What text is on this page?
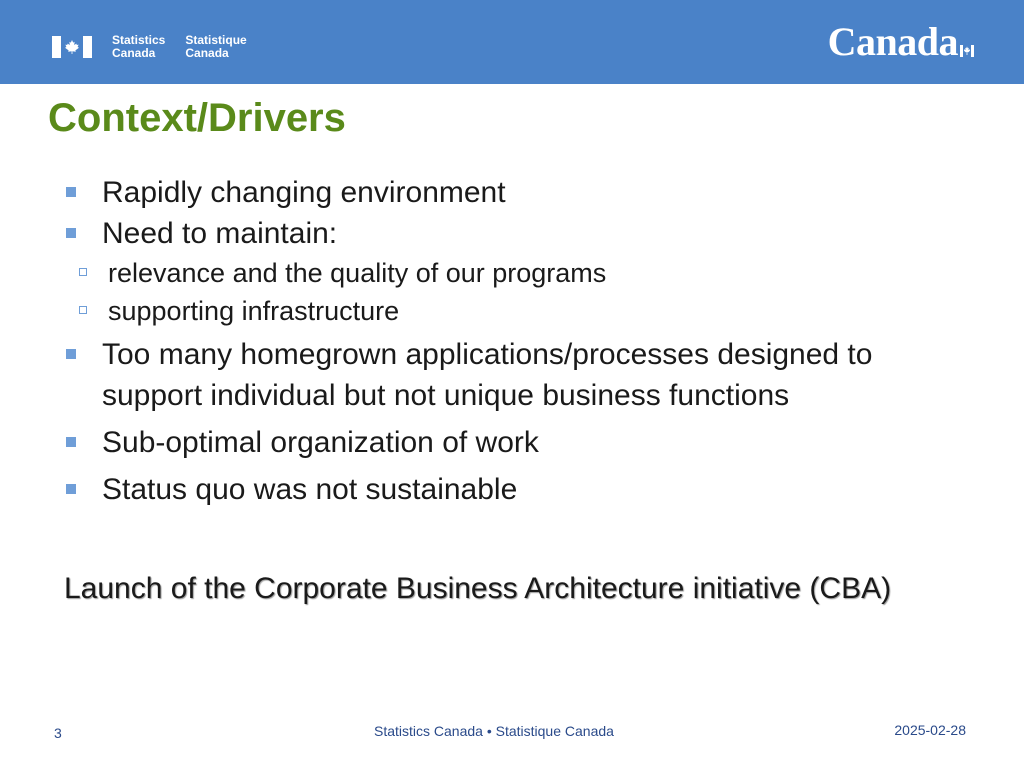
Statistics
Canada
Statistique
Canada	Canada
Context/Drivers
Rapidly changing environment
Need to maintain:
relevance and the quality of our programs
supporting infrastructure
Too many homegrown applications/processes designed to support individual but not unique business functions
Sub-optimal organization of work
Status quo was not sustainable
Launch of the Corporate Business Architecture initiative (CBA)
3	Statistics Canada • Statistique Canada	2025-02-28
